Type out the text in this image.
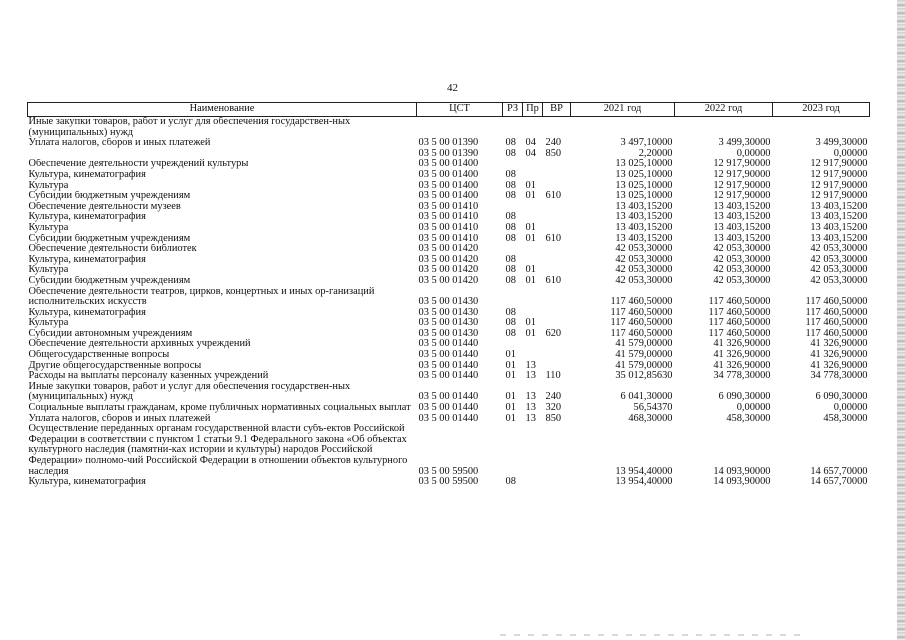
42
Наименование	ЦСТ	РЗ	Пр	ВР	2021 год	2022 год	2023 год
Иные закупки товаров, работ и услуг для обеспечения государствен-ных (муниципальных) нужд							
Уплата налогов, сборов и иных платежей	03 5 00 01390	08	04	240	3 497,10000	3 499,30000	3 499,30000
	03 5 00 01390	08	04	850	2,20000	0,00000	0,00000
Обеспечение деятельности учреждений культуры	03 5 00 01400				13 025,10000	12 917,90000	12 917,90000
Культура, кинематография	03 5 00 01400	08			13 025,10000	12 917,90000	12 917,90000
Культура	03 5 00 01400	08	01		13 025,10000	12 917,90000	12 917,90000
Субсидии бюджетным учреждениям	03 5 00 01400	08	01	610	13 025,10000	12 917,90000	12 917,90000
Обеспечение деятельности музеев	03 5 00 01410				13 403,15200	13 403,15200	13 403,15200
Культура, кинематография	03 5 00 01410	08			13 403,15200	13 403,15200	13 403,15200
Культура	03 5 00 01410	08	01		13 403,15200	13 403,15200	13 403,15200
Субсидии бюджетным учреждениям	03 5 00 01410	08	01	610	13 403,15200	13 403,15200	13 403,15200
Обеспечение деятельности библиотек	03 5 00 01420				42 053,30000	42 053,30000	42 053,30000
Культура, кинематография	03 5 00 01420	08			42 053,30000	42 053,30000	42 053,30000
Культура	03 5 00 01420	08	01		42 053,30000	42 053,30000	42 053,30000
Субсидии бюджетным учреждениям	03 5 00 01420	08	01	610	42 053,30000	42 053,30000	42 053,30000
Обеспечение деятельности театров, цирков, концертных и иных ор-ганизаций исполнительских искусств	03 5 00 01430				117 460,50000	117 460,50000	117 460,50000
Культура, кинематография	03 5 00 01430	08			117 460,50000	117 460,50000	117 460,50000
Культура	03 5 00 01430	08	01		117 460,50000	117 460,50000	117 460,50000
Субсидии автономным учреждениям	03 5 00 01430	08	01	620	117 460,50000	117 460,50000	117 460,50000
Обеспечение деятельности архивных учреждений	03 5 00 01440				41 579,00000	41 326,90000	41 326,90000
Общегосударственные вопросы	03 5 00 01440	01			41 579,00000	41 326,90000	41 326,90000
Другие общегосударственные вопросы	03 5 00 01440	01	13		41 579,00000	41 326,90000	41 326,90000
Расходы на выплаты персоналу казенных учреждений	03 5 00 01440	01	13	110	35 012,85630	34 778,30000	34 778,30000
Иные закупки товаров, работ и услуг для обеспечения государствен-ных (муниципальных) нужд	03 5 00 01440	01	13	240	6 041,30000	6 090,30000	6 090,30000
Социальные выплаты гражданам, кроме публичных нормативных социальных выплат	03 5 00 01440	01	13	320	56,54370	0,00000	0,00000
Уплата налогов, сборов и иных платежей	03 5 00 01440	01	13	850	468,30000	458,30000	458,30000
Осуществление переданных органам государственной власти субъ-ектов Российской Федерации в соответствии с пунктом 1 статьи 9.1 Федерального закона «Об объектах культурного наследия (памятни-ках истории и культуры) народов Российской Федерации» полномо-чий Российской Федерации в отношении объектов культурного наследия	03 5 00 59500				13 954,40000	14 093,90000	14 657,70000
Культура, кинематография	03 5 00 59500	08			13 954,40000	14 093,90000	14 657,70000
